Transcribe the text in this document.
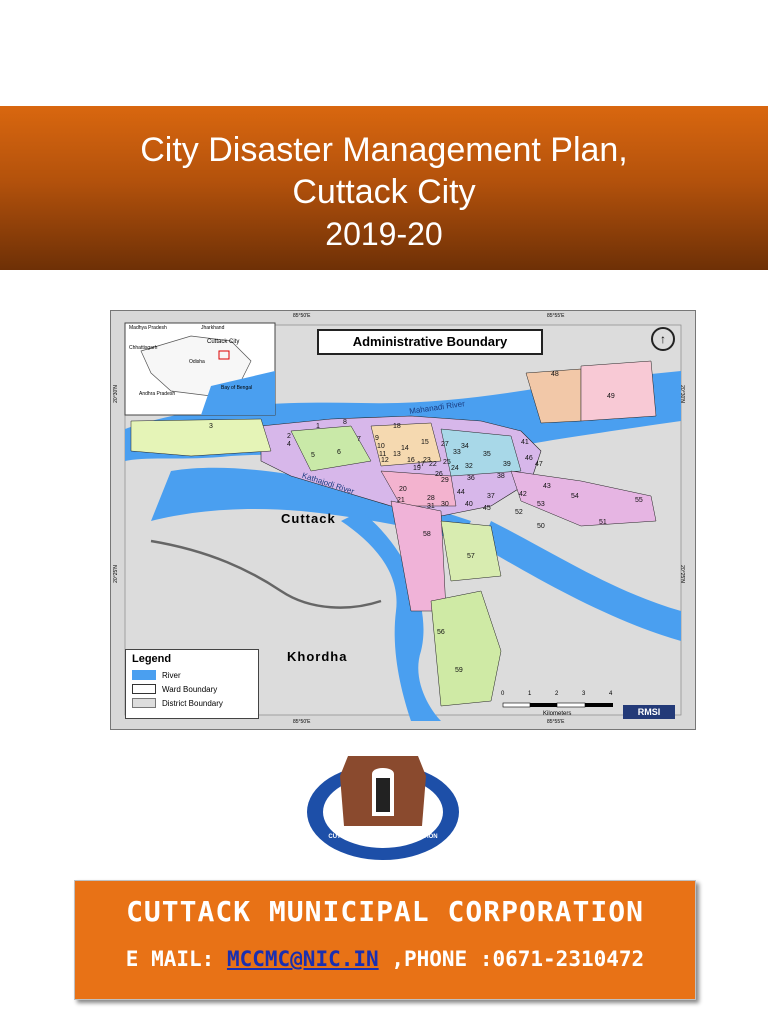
City Disaster Management Plan,
Cuttack City
2019-20
Administrative Boundary
Cuttack
Khordha
Mahanadi River
Kathajodi River
Cuttack City
Madhya Pradesh	Jharkhand
Chhattisgarh
Odisha
Andhra Pradesh
Bay of Bengal
85°50'E	85°55'E
85°50'E	85°55'E
20°30'N
20°25'N
20°30'N
20°25'N
Legend
River
Ward Boundary
District Boundary
0	1	2	3	4
Kilometers	RMSI
↑
1
2
3
4
5	6
7
8
9
10
11
12
13
14
15
16
17
18
19
20
21
22
23
24
25
26
27
28
29
30
31
32
33
34
35
36
37
38
39
40
41
42
43
44
45
46
47
48
49
50
51
52
53
54
55
56
57
58
59
CUTTACK MUNICIPAL CORPORATION
CUTTACK MUNICIPAL CORPORATION
E MAIL: MCCMC@NIC.IN ,PHONE :0671-2310472
